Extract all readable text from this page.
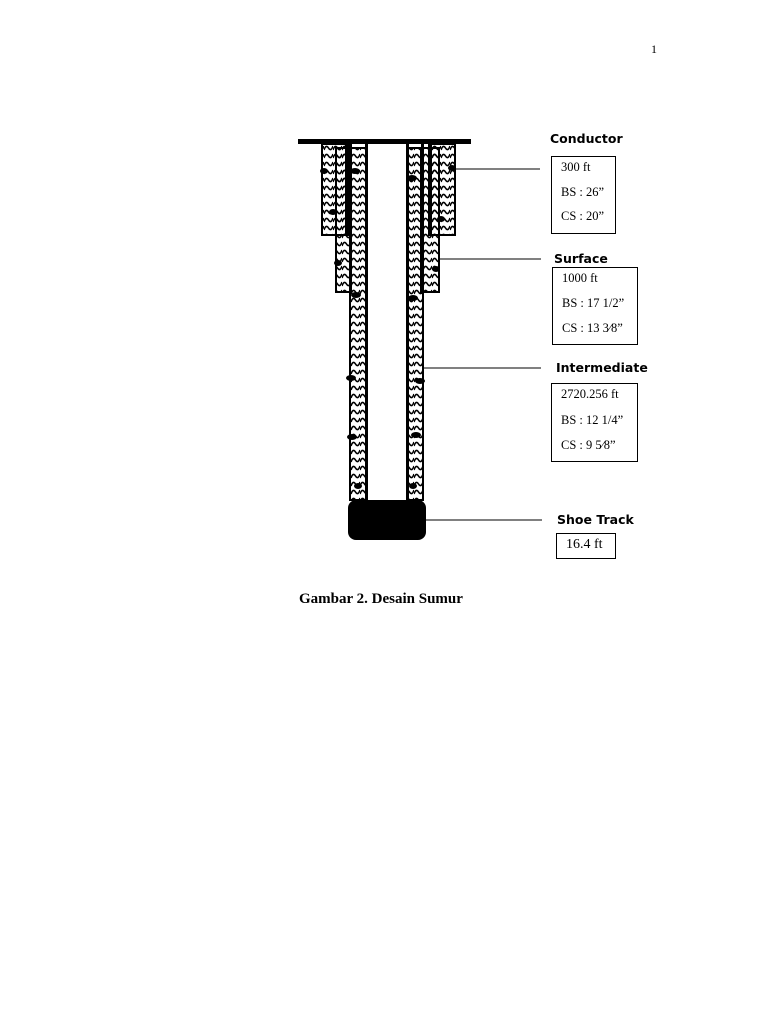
1
Conductor
300 ft
BS : 26”
CS : 20”
Surface
1000 ft
BS : 17 1/2”
CS : 13 3⁄8”
Intermediate
2720.256 ft
BS : 12 1/4”
CS : 9 5⁄8”
Shoe Track
16.4 ft
Gambar 2. Desain Sumur
